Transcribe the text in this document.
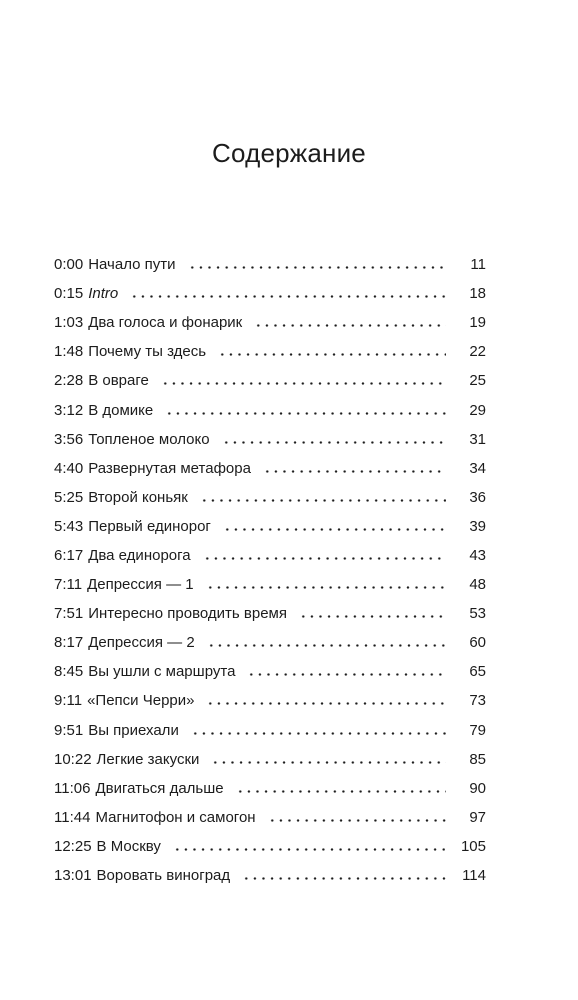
Содержание
0:00 Начало пути	11
0:15 Intro	18
1:03 Два голоса и фонарик	19
1:48 Почему ты здесь	22
2:28 В овраге	25
3:12 В домике	29
3:56 Топленое молоко	31
4:40 Развернутая метафора	34
5:25 Второй коньяк	36
5:43 Первый единорог	39
6:17 Два единорога	43
7:11 Депрессия — 1	48
7:51 Интересно проводить время	53
8:17 Депрессия — 2	60
8:45 Вы ушли с маршрута	65
9:11 «Пепси Черри»	73
9:51 Вы приехали	79
10:22 Легкие закуски	85
11:06 Двигаться дальше	90
11:44 Магнитофон и самогон	97
12:25 В Москву	105
13:01 Воровать виноград	114
